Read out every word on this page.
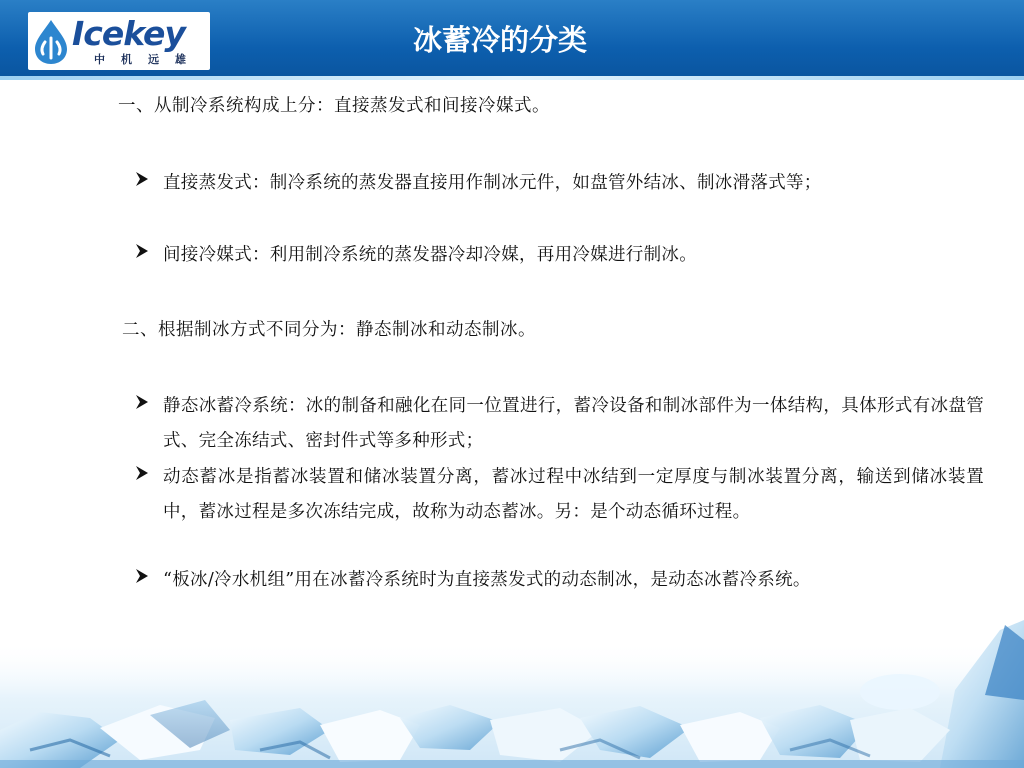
Icekey
中机远雄
冰蓄冷的分类
一、从制冷系统构成上分：直接蒸发式和间接冷媒式。
直接蒸发式：制冷系统的蒸发器直接用作制冰元件，如盘管外结冰、制冰滑落式等；
间接冷媒式：利用制冷系统的蒸发器冷却冷媒，再用冷媒进行制冰。
二、根据制冰方式不同分为：静态制冰和动态制冰。
静态冰蓄冷系统：冰的制备和融化在同一位置进行，蓄冷设备和制冰部件为一体结构，具体形式有冰盘管式、完全冻结式、密封件式等多种形式；
动态蓄冰是指蓄冰装置和储冰装置分离，蓄冰过程中冰结到一定厚度与制冰装置分离，输送到储冰装置中，蓄冰过程是多次冻结完成，故称为动态蓄冰。另：是个动态循环过程。
“板冰/冷水机组”用在冰蓄冷系统时为直接蒸发式的动态制冰，是动态冰蓄冷系统。
